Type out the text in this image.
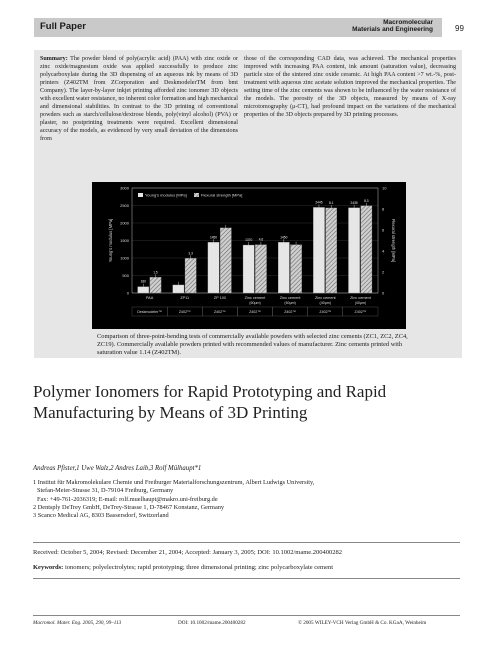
Full Paper	Macromolecular
Materials and Engineering	99
Summary: The powder blend of poly(acrylic acid) (PAA) with zinc oxide or zinc oxide/magnesium oxide was applied successfully to produce zinc polycarboxylate during the 3D dispensing of an aqueous ink by means of 3D printers (Z402TM from ZCorporation and DeskmodelerTM from bmt Company). The layer-by-layer inkjet printing afforded zinc ionomer 3D objects with excellent water resistance, no inherent color formation and high mechanical and dimensional stabilities. In contrast to the 3D printing of conventional powders such as starch/cellulose/dextrose blends, poly(vinyl alcohol) (PVA) or plaster, no postprinting treatments were required. Excellent dimensional accuracy of the models, as evidenced by very small deviation of the dimensions from
those of the corresponding CAD data, was achieved. The mechanical properties improved with increasing PAA content, ink amount (saturation value), decreasing particle size of the sintered zinc oxide ceramic. At high PAA content >7 wt.-%, post-treatment with aqueous zinc acetate solution improved the mechanical properties. The setting time of the zinc cements was shown to be influenced by the water resistance of the models. The porosity of the 3D objects, measured by means of X-ray microtomography (μ-CT), had profound impact on the variations of the mechanical properties of the 3D objects prepared by 3D printing processes.
0
500
1000
1500
2000
2500
3000
0
2
4
6
8
10
Young's modulus [MPa]	Flexural strength [MPa]
Young's modulus [MPa]	Flexural strength [MPa]
180
1.5
PAA
Deskmodeler™
3.3
ZP11
Z402™
1450
ZP 100
Z402™
1370 4.6
Zinc cement
(60µm)
Z402™
1450
Zinc cement
(60µm)
Z402™
2445 8.1
Zinc cement
(40µm)
Z402™
2435 8.3
Zinc cement
(40µm)
Z402™
Comparison of three-point-bending tests of commercially available powders with selected zinc cements (ZC1, ZC2, ZC4, ZC19). Commercially available powders printed with recommended values of manufacturer. Zinc cements printed with saturation value 1.14 (Z402TM).
Polymer Ionomers for Rapid Prototyping and Rapid Manufacturing by Means of 3D Printing
Andreas Pfister,1 Uwe Walz,2 Andres Laib,3 Rolf Mülhaupt*1
1 Institut für Makromolekulare Chemie und Freiburger Materialforschungszentrum, Albert Ludwigs University,
Stefan-Meier-Strasse 31, D-79104 Freiburg, Germany
Fax: +49-761-2036319; E-mail: rolf.muelhaupt@makro.uni-freiburg.de
2 Dentsply DeTrey GmbH, DeTrey-Strasse 1, D-78467 Konstanz, Germany
3 Scanco Medical AG, 8303 Bassersdorf, Switzerland
Received: October 5, 2004; Revised: December 21, 2004; Accepted: January 3, 2005; DOI: 10.1002/mame.200400282
Keywords: ionomers; polyelectrolytes; rapid prototyping; three dimensional printing; zinc polycarboxylate cement
Macromol. Mater. Eng. 2005, 290, 99–113	DOI: 10.1002/mame.200400282	© 2005 WILEY-VCH Verlag GmbH & Co. KGaA, Weinheim
